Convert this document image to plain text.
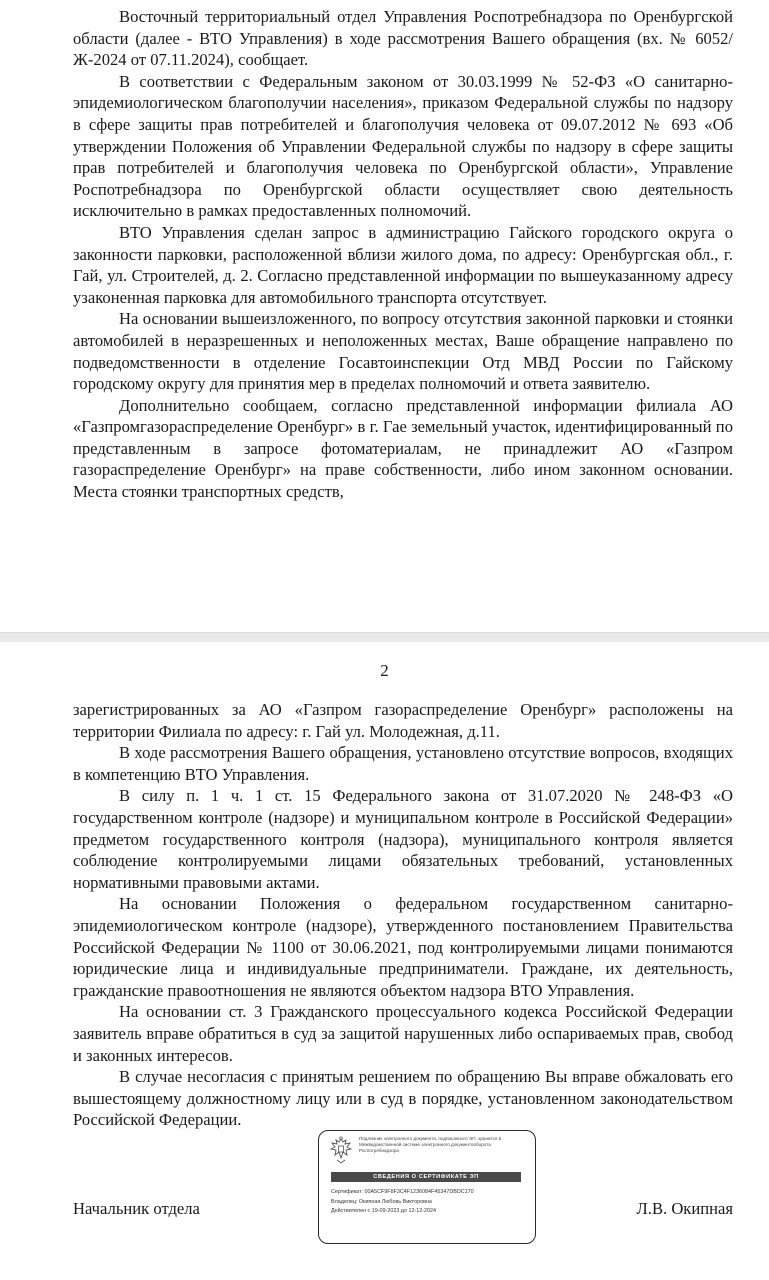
Восточный территориальный отдел Управления Роспотребнадзора по Оренбургской области (далее - ВТО Управления) в ходе рассмотрения Вашего обращения (вх. № 6052/Ж-2024 от 07.11.2024), сообщает.

В соответствии с Федеральным законом от 30.03.1999 № 52-ФЗ «О санитарно-эпидемиологическом благополучии населения», приказом Федеральной службы по надзору в сфере защиты прав потребителей и благополучия человека от 09.07.2012 № 693 «Об утверждении Положения об Управлении Федеральной службы по надзору в сфере защиты прав потребителей и благополучия человека по Оренбургской области», Управление Роспотребнадзора по Оренбургской области осуществляет свою деятельность исключительно в рамках предоставленных полномочий.

ВТО Управления сделан запрос в администрацию Гайского городского округа о законности парковки, расположенной вблизи жилого дома, по адресу: Оренбургская обл., г. Гай, ул. Строителей, д. 2. Согласно представленной информации по вышеуказанному адресу узаконенная парковка для автомобильного транспорта отсутствует.

На основании вышеизложенного, по вопросу отсутствия законной парковки и стоянки автомобилей в неразрешенных и неположенных местах, Ваше обращение направлено по подведомственности в отделение Госавтоинспекции Отд МВД России по Гайскому городскому округу для принятия мер в пределах полномочий и ответа заявителю.

Дополнительно сообщаем, согласно представленной информации филиала АО «Газпромгазораспределение Оренбург» в г. Гае земельный участок, идентифицированный по представленным в запросе фотоматериалам, не принадлежит АО «Газпром газораспределение Оренбург» на праве собственности, либо ином законном основании. Места стоянки транспортных средств,

2

зарегистрированных за АО «Газпром газораспределение Оренбург» расположены на территории Филиала по адресу: г. Гай ул. Молодежная, д.11.

В ходе рассмотрения Вашего обращения, установлено отсутствие вопросов, входящих в компетенцию ВТО Управления.

В силу п. 1 ч. 1 ст. 15 Федерального закона от 31.07.2020 № 248-ФЗ «О государственном контроле (надзоре) и муниципальном контроле в Российской Федерации» предметом государственного контроля (надзора), муниципального контроля является соблюдение контролируемыми лицами обязательных требований, установленных нормативными правовыми актами.

На основании Положения о федеральном государственном санитарно-эпидемиологическом контроле (надзоре), утвержденного постановлением Правительства Российской Федерации № 1100 от 30.06.2021, под контролируемыми лицами понимаются юридические лица и индивидуальные предприниматели. Граждане, их деятельность, гражданские правоотношения не являются объектом надзора ВТО Управления.

На основании ст. 3 Гражданского процессуального кодекса Российской Федерации заявитель вправе обратиться в суд за защитой нарушенных либо оспариваемых прав, свобод и законных интересов.

В случае несогласия с принятым решением по обращению Вы вправе обжаловать его вышестоящему должностному лицу или в суд в порядке, установленном законодательством Российской Федерации.

Подлинник электронного документа, подписанного ЭП, хранится в Межведомственной системе электронного документооборота Роспотребнадзора
СВЕДЕНИЯ О СЕРТИФИКАТЕ ЭП
Сертификат: 00A5CF9F8F3C4F1236084F45347DBDC170
Владелец: Окипная Любовь Викторовна
Действителен с 19-09-2023 до 12-12-2024
Начальник отдела	Л.В. Окипная
